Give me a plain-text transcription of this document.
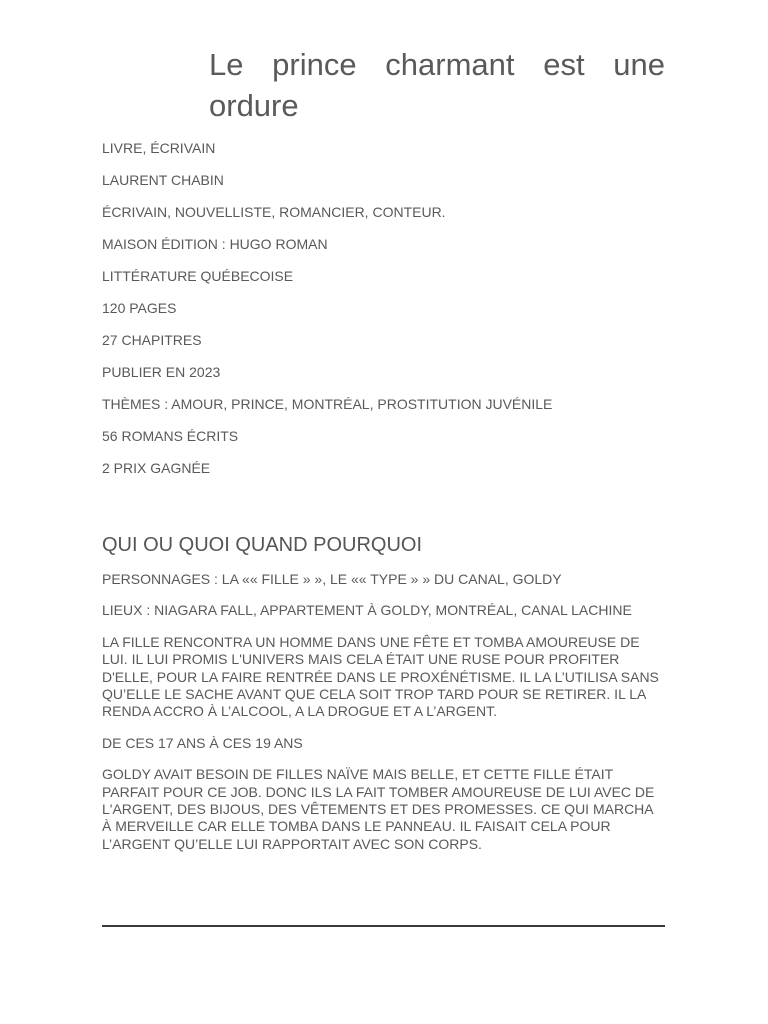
Le prince charmant est une ordure
LIVRE, ÉCRIVAIN
LAURENT CHABIN
ÉCRIVAIN, NOUVELLISTE, ROMANCIER, CONTEUR.
MAISON ÉDITION : HUGO ROMAN
LITTÉRATURE QUÉBECOISE
120 PAGES
27 CHAPITRES
PUBLIER EN 2023
THÈMES : AMOUR, PRINCE, MONTRÉAL, PROSTITUTION JUVÉNILE
56 ROMANS ÉCRITS
2 PRIX GAGNÉE
QUI OU QUOI QUAND POURQUOI

PERSONNAGES : LA «« FILLE » », LE «« TYPE » » DU CANAL, GOLDY

LIEUX : NIAGARA FALL, APPARTEMENT À GOLDY, MONTRÉAL, CANAL LACHINE

LA FILLE RENCONTRA UN HOMME DANS UNE FÊTE ET TOMBA AMOUREUSE DE LUI. IL LUI PROMIS L'UNIVERS MAIS CELA ÉTAIT UNE RUSE POUR PROFITER D'ELLE, POUR LA FAIRE RENTRÉE DANS LE PROXÉNÉTISME. IL LA L’UTILISA SANS QU’ELLE LE SACHE AVANT QUE CELA SOIT TROP TARD POUR SE RETIRER. IL LA RENDA ACCRO À L’ALCOOL, A LA DROGUE ET A L’ARGENT.

DE CES 17 ANS À CES 19 ANS

GOLDY AVAIT BESOIN DE FILLES NAÏVE MAIS BELLE, ET CETTE FILLE ÉTAIT PARFAIT POUR CE JOB. DONC ILS LA FAIT TOMBER AMOUREUSE DE LUI AVEC DE L'ARGENT, DES BIJOUS, DES VÊTEMENTS ET DES PROMESSES. CE QUI MARCHA À MERVEILLE CAR ELLE TOMBA DANS LE PANNEAU. IL FAISAIT CELA POUR L’ARGENT QU’ELLE LUI RAPPORTAIT AVEC SON CORPS.
